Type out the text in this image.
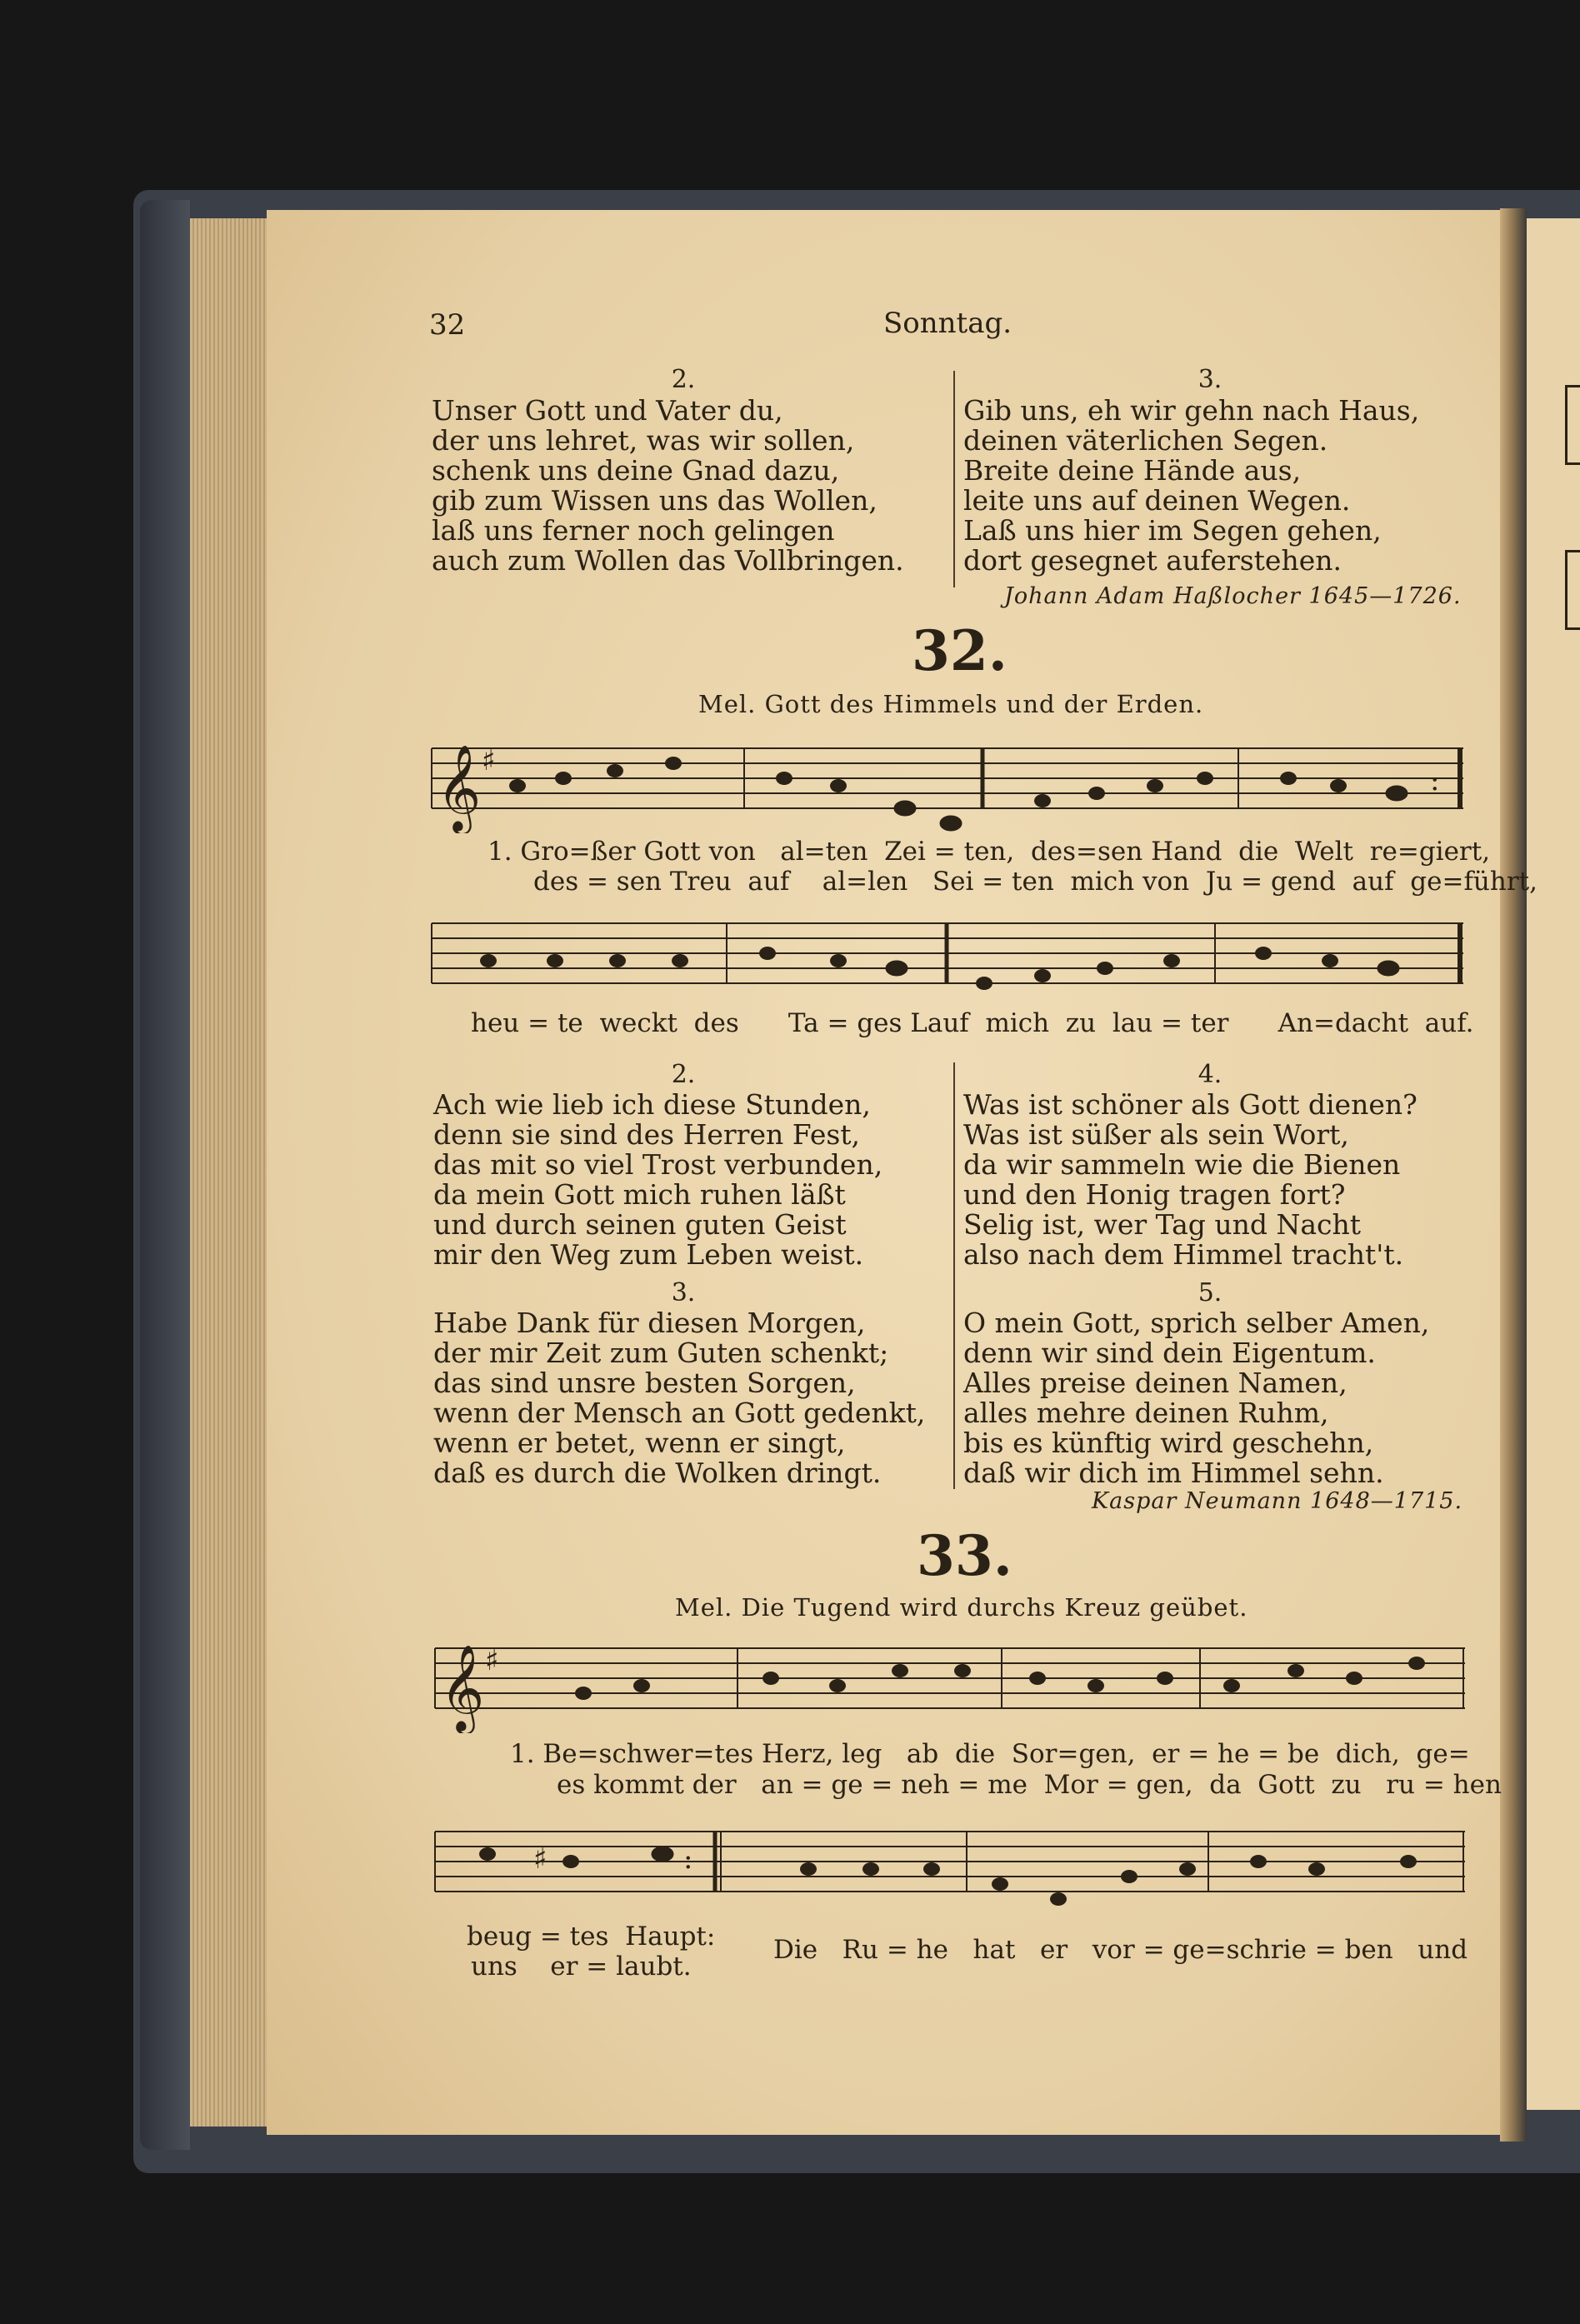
32	Sonntag.
2.
Unser Gott und Vater du,
der uns lehret, was wir sollen,
schenk uns deine Gnad dazu,
gib zum Wissen uns das Wollen,
laß uns ferner noch gelingen
auch zum Wollen das Vollbringen.
3.
Gib uns, eh wir gehn nach Haus,
deinen väterlichen Segen.
Breite deine Hände aus,
leite uns auf deinen Wegen.
Laß uns hier im Segen gehen,
dort gesegnet auferstehen.
Johann Adam Haßlocher 1645—1726.
32.
Mel. Gott des Himmels und der Erden.
𝄞 ♯
:
1. Gro=ßer Gott von   al=ten  Zei = ten,  des=sen Hand  die  Welt  re=giert,
des = sen Treu  auf    al=len   Sei = ten  mich von  Ju = gend  auf  ge=führt,
heu = te  weckt  des      Ta = ges Lauf  mich  zu  lau = ter      An=dacht  auf.
2.
Ach wie lieb ich diese Stunden,
denn sie sind des Herren Fest,
das mit so viel Trost verbunden,
da mein Gott mich ruhen läßt
und durch seinen guten Geist
mir den Weg zum Leben weist.
3.
Habe Dank für diesen Morgen,
der mir Zeit zum Guten schenkt;
das sind unsre besten Sorgen,
wenn der Mensch an Gott gedenkt,
wenn er betet, wenn er singt,
daß es durch die Wolken dringt.
4.
Was ist schöner als Gott dienen?
Was ist süßer als sein Wort,
da wir sammeln wie die Bienen
und den Honig tragen fort?
Selig ist, wer Tag und Nacht
also nach dem Himmel tracht't.
5.
O mein Gott, sprich selber Amen,
denn wir sind dein Eigentum.
Alles preise deinen Namen,
alles mehre deinen Ruhm,
bis es künftig wird geschehn,
daß wir dich im Himmel sehn.
Kaspar Neumann 1648—1715.
33.
Mel. Die Tugend wird durchs Kreuz geübet.
𝄞 ♯
1. Be=schwer=tes Herz, leg   ab  die  Sor=gen,  er = he = be  dich,  ge=
es kommt der   an = ge = neh = me  Mor = gen,  da  Gott  zu   ru = hen
♯	:
beug = tes  Haupt:
uns    er = laubt.
Die   Ru = he   hat   er   vor = ge=schrie = ben   und
